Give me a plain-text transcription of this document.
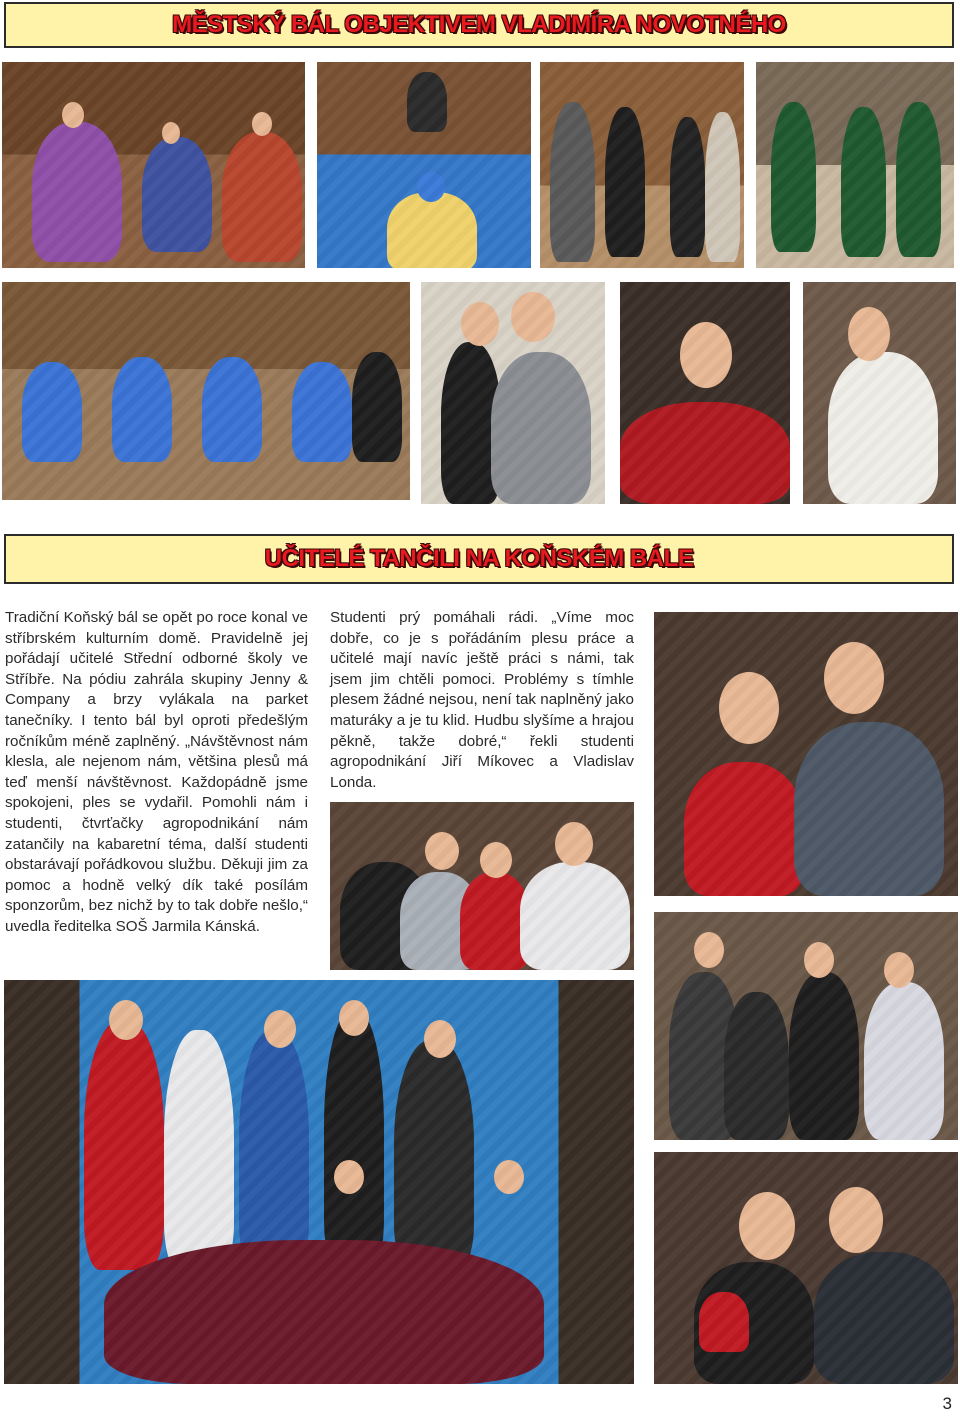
MĚSTSKÝ BÁL OBJEKTIVEM VLADIMÍRA NOVOTNÉHO
UČITELÉ TANČILI NA KOŇSKÉM BÁLE

Tradiční Koňský bál se opět po roce konal ve stříbrském kulturním domě. Pravidelně jej pořádají učitelé Střední odborné školy ve Stříbře. Na pódiu zahrála skupiny Jenny & Company a brzy vylákala na parket tanečníky. I tento bál byl oproti předešlým ročníkům méně zaplněný. „Návštěvnost nám klesla, ale nejenom nám, většina plesů má teď menší návštěvnost. Každopádně jsme spokojeni, ples se vydařil. Pomohli nám i studenti, čtvrťačky agropodnikání nám zatančily na kabaretní téma, další studenti obstarávají pořádkovou službu. Děkuji jim za pomoc a hodně velký dík také posílám sponzorům, bez nichž by to tak dobře nešlo,“ uvedla ředitelka SOŠ Jarmila Kánská.

Studenti prý pomáhali rádi. „Víme moc dobře, co je s pořádáním plesu práce a učitelé mají navíc ještě práci s námi, tak jsem jim chtěli pomoci. Problémy s tímhle plesem žádné nejsou, není tak naplněný jako maturáky a je tu klid. Hudbu slyšíme a hrajou pěkně, takže dobré,“ řekli studenti agropodnikání Jiří Míkovec a Vladislav Londa.

3
